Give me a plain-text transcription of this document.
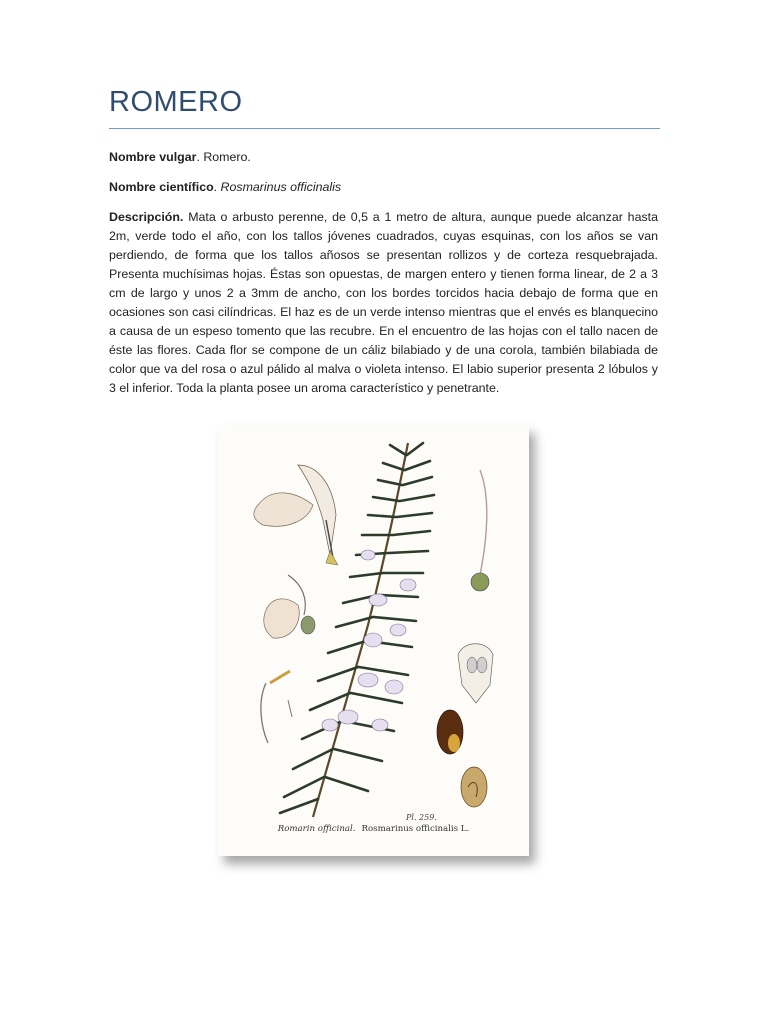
ROMERO

Nombre vulgar. Romero.

Nombre científico. Rosmarinus officinalis

Descripción. Mata o arbusto perenne, de 0,5 a 1 metro de altura, aunque puede alcanzar hasta 2m, verde todo el año, con los tallos jóvenes cuadrados, cuyas esquinas, con los años se van perdiendo, de forma que los tallos añosos se presentan rollizos y de corteza resquebrajada. Presenta muchísimas hojas. Éstas son opuestas, de margen entero y tienen forma linear, de 2 a 3 cm de largo y unos 2 a 3mm de ancho, con los bordes torcidos hacia debajo de forma que en ocasiones son casi cilíndricas. El haz es de un verde intenso mientras que el envés es blanquecino a causa de un espeso tomento que las recubre. En el encuentro de las hojas con el tallo nacen de éste las flores. Cada flor se compone de un cáliz bilabiado y de una corola, también bilabiada de color que va del rosa o azul pálido al malva o violeta intenso. El labio superior presenta 2 lóbulos y 3 el inferior. Toda la planta posee un aroma característico y penetrante.

Pl. 259.
Romarin officinal. Rosmarinus officinalis L.
